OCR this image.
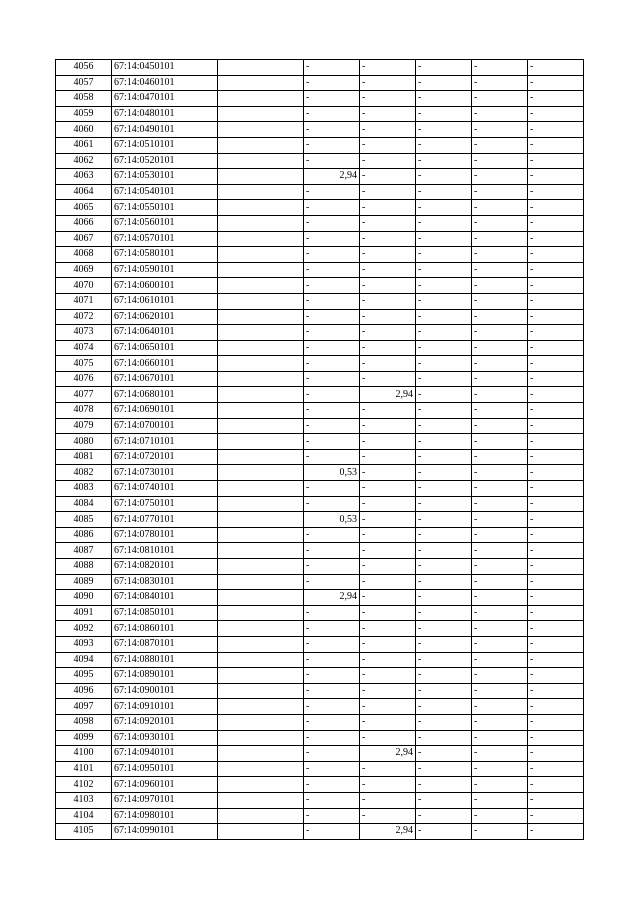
4056	67:14:0450101		-	-	-	-	-
4057	67:14:0460101		-	-	-	-	-
4058	67:14:0470101		-	-	-	-	-
4059	67:14:0480101		-	-	-	-	-
4060	67:14:0490101		-	-	-	-	-
4061	67:14:0510101		-	-	-	-	-
4062	67:14:0520101		-	-	-	-	-
4063	67:14:0530101		2,94	-	-	-	-
4064	67:14:0540101		-	-	-	-	-
4065	67:14:0550101		-	-	-	-	-
4066	67:14:0560101		-	-	-	-	-
4067	67:14:0570101		-	-	-	-	-
4068	67:14:0580101		-	-	-	-	-
4069	67:14:0590101		-	-	-	-	-
4070	67:14:0600101		-	-	-	-	-
4071	67:14:0610101		-	-	-	-	-
4072	67:14:0620101		-	-	-	-	-
4073	67:14:0640101		-	-	-	-	-
4074	67:14:0650101		-	-	-	-	-
4075	67:14:0660101		-	-	-	-	-
4076	67:14:0670101		-	-	-	-	-
4077	67:14:0680101		-	2,94	-	-	-
4078	67:14:0690101		-	-	-	-	-
4079	67:14:0700101		-	-	-	-	-
4080	67:14:0710101		-	-	-	-	-
4081	67:14:0720101		-	-	-	-	-
4082	67:14:0730101		0,53	-	-	-	-
4083	67:14:0740101		-	-	-	-	-
4084	67:14:0750101		-	-	-	-	-
4085	67:14:0770101		0,53	-	-	-	-
4086	67:14:0780101		-	-	-	-	-
4087	67:14:0810101		-	-	-	-	-
4088	67:14:0820101		-	-	-	-	-
4089	67:14:0830101		-	-	-	-	-
4090	67:14:0840101		2,94	-	-	-	-
4091	67:14:0850101		-	-	-	-	-
4092	67:14:0860101		-	-	-	-	-
4093	67:14:0870101		-	-	-	-	-
4094	67:14:0880101		-	-	-	-	-
4095	67:14:0890101		-	-	-	-	-
4096	67:14:0900101		-	-	-	-	-
4097	67:14:0910101		-	-	-	-	-
4098	67:14:0920101		-	-	-	-	-
4099	67:14:0930101		-	-	-	-	-
4100	67:14:0940101		-	2,94	-	-	-
4101	67:14:0950101		-	-	-	-	-
4102	67:14:0960101		-	-	-	-	-
4103	67:14:0970101		-	-	-	-	-
4104	67:14:0980101		-	-	-	-	-
4105	67:14:0990101		-	2,94	-	-	-
